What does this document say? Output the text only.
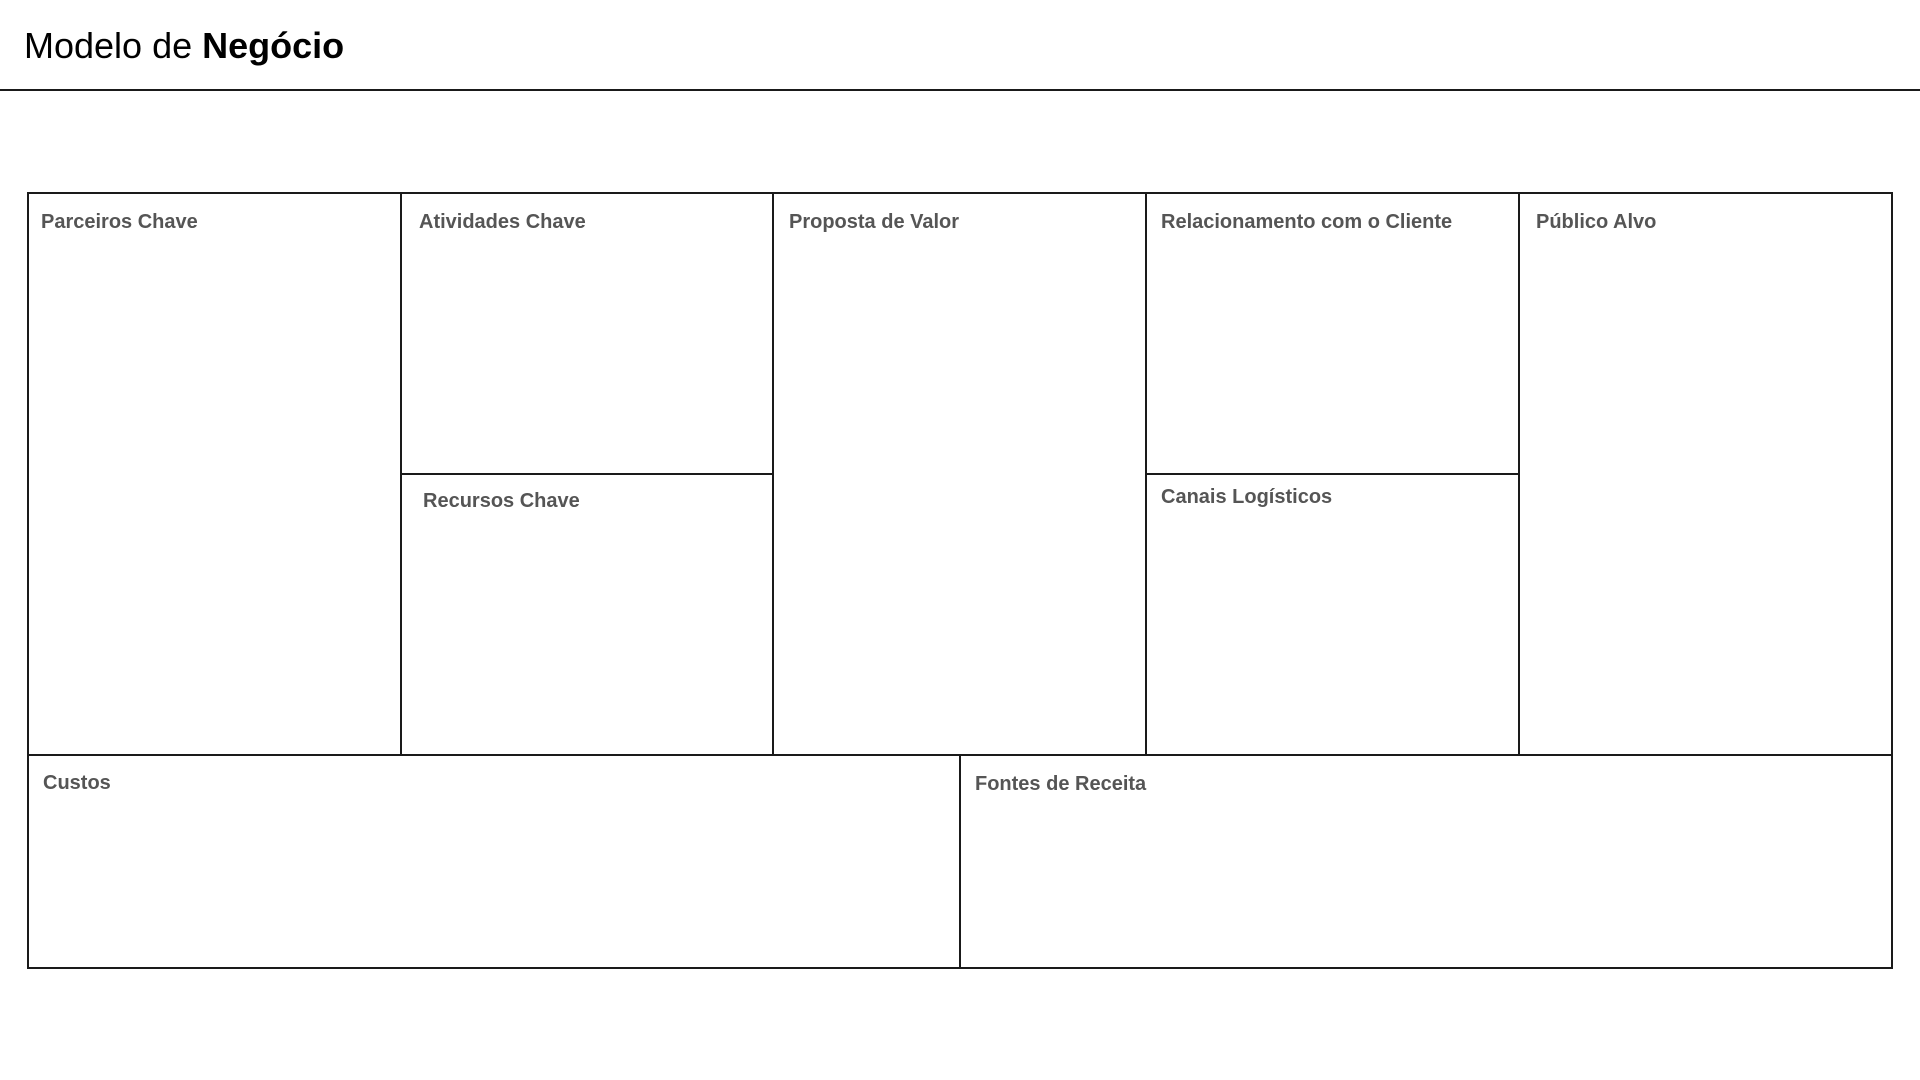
Modelo de Negócio
Parceiros Chave	Atividades Chave
Recursos Chave
Proposta de Valor	Relacionamento com o Cliente
Canais Logísticos
Público Alvo
Custos	Fontes de Receita
